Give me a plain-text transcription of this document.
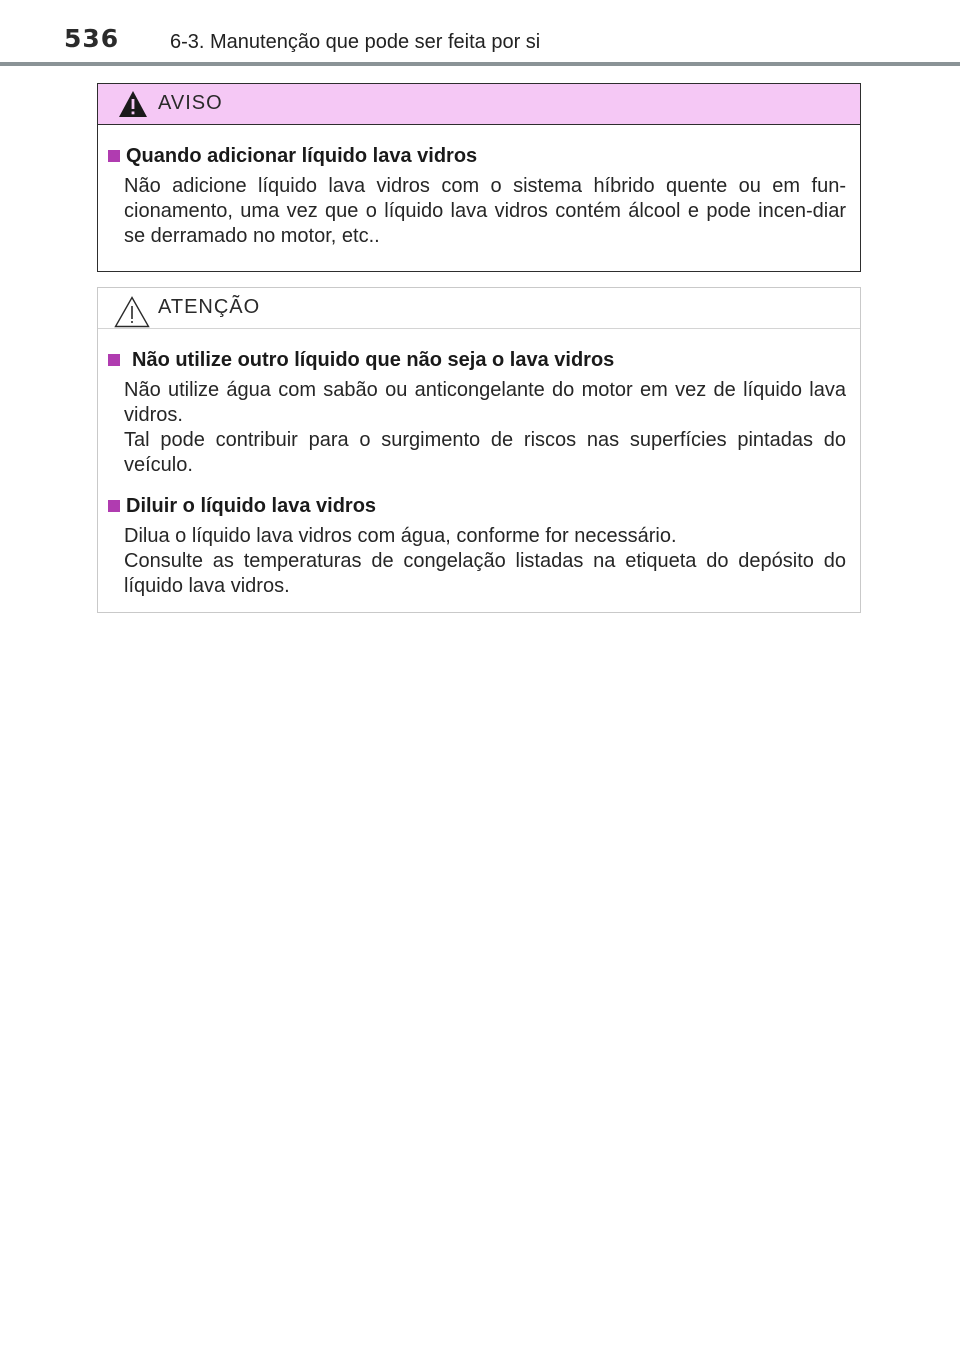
536	6-3. Manutenção que pode ser feita por si
AVISO
Quando adicionar líquido lava vidros
Não adicione líquido lava vidros com o sistema híbrido quente ou em fun-cionamento, uma vez que o líquido lava vidros contém álcool e pode incen-diar se derramado no motor, etc..
ATENÇÃO
Não utilize outro líquido que não seja o lava vidros
Não utilize água com sabão ou anticongelante do motor em vez de líquido lava vidros.
Tal pode contribuir para o surgimento de riscos nas superfícies pintadas do veículo.
Diluir o líquido lava vidros
Dilua o líquido lava vidros com água, conforme for necessário.
Consulte as temperaturas de congelação listadas na etiqueta do depósito do líquido lava vidros.
